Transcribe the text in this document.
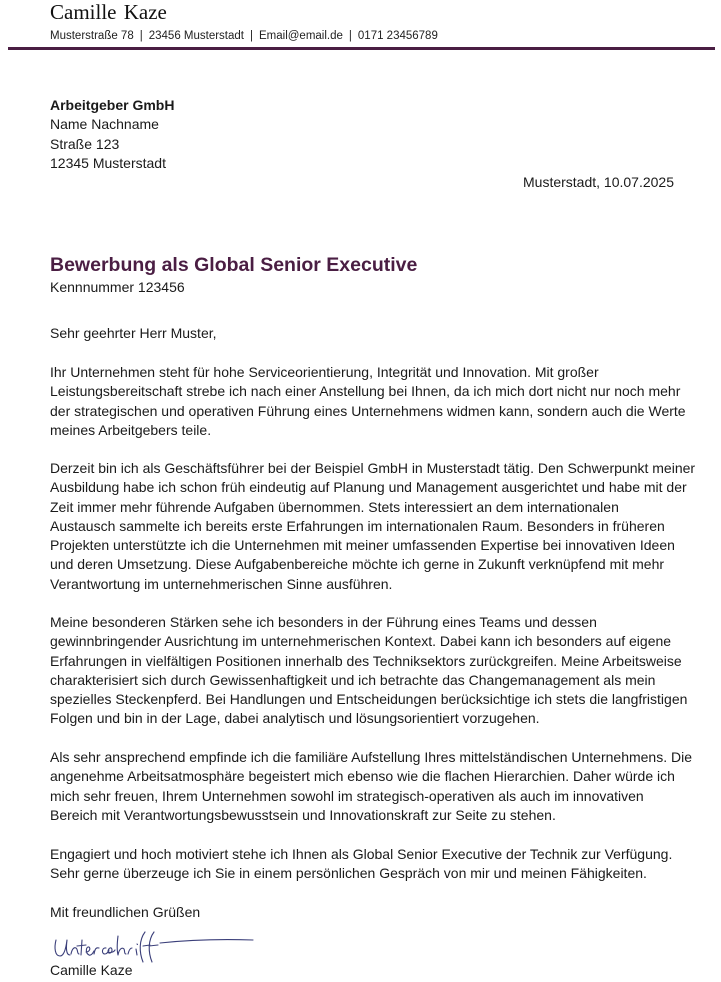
Camille Kaze
Musterstraße 78 | 23456 Musterstadt | Email@email.de | 0171 23456789
Arbeitgeber GmbH
Name Nachname
Straße 123
12345 Musterstadt
Musterstadt, 10.07.2025
Bewerbung als Global Senior Executive
Kennnummer 123456
Sehr geehrter Herr Muster,

Ihr Unternehmen steht für hohe Serviceorientierung, Integrität und Innovation. Mit großer
Leistungsbereitschaft strebe ich nach einer Anstellung bei Ihnen, da ich mich dort nicht nur noch mehr
der strategischen und operativen Führung eines Unternehmens widmen kann, sondern auch die Werte
meines Arbeitgebers teile.

Derzeit bin ich als Geschäftsführer bei der Beispiel GmbH in Musterstadt tätig. Den Schwerpunkt meiner
Ausbildung habe ich schon früh eindeutig auf Planung und Management ausgerichtet und habe mit der
Zeit immer mehr führende Aufgaben übernommen. Stets interessiert an dem internationalen
Austausch sammelte ich bereits erste Erfahrungen im internationalen Raum. Besonders in früheren
Projekten unterstützte ich die Unternehmen mit meiner umfassenden Expertise bei innovativen Ideen
und deren Umsetzung. Diese Aufgabenbereiche möchte ich gerne in Zukunft verknüpfend mit mehr
Verantwortung im unternehmerischen Sinne ausführen.

Meine besonderen Stärken sehe ich besonders in der Führung eines Teams und dessen
gewinnbringender Ausrichtung im unternehmerischen Kontext. Dabei kann ich besonders auf eigene
Erfahrungen in vielfältigen Positionen innerhalb des Techniksektors zurückgreifen. Meine Arbeitsweise
charakterisiert sich durch Gewissenhaftigkeit und ich betrachte das Changemanagement als mein
spezielles Steckenpferd. Bei Handlungen und Entscheidungen berücksichtige ich stets die langfristigen
Folgen und bin in der Lage, dabei analytisch und lösungsorientiert vorzugehen.

Als sehr ansprechend empfinde ich die familiäre Aufstellung Ihres mittelständischen Unternehmens. Die
angenehme Arbeitsatmosphäre begeistert mich ebenso wie die flachen Hierarchien. Daher würde ich
mich sehr freuen, Ihrem Unternehmen sowohl im strategisch-operativen als auch im innovativen
Bereich mit Verantwortungsbewusstsein und Innovationskraft zur Seite zu stehen.

Engagiert und hoch motiviert stehe ich Ihnen als Global Senior Executive der Technik zur Verfügung.
Sehr gerne überzeuge ich Sie in einem persönlichen Gespräch von mir und meinen Fähigkeiten.

Mit freundlichen Grüßen
Camille Kaze
